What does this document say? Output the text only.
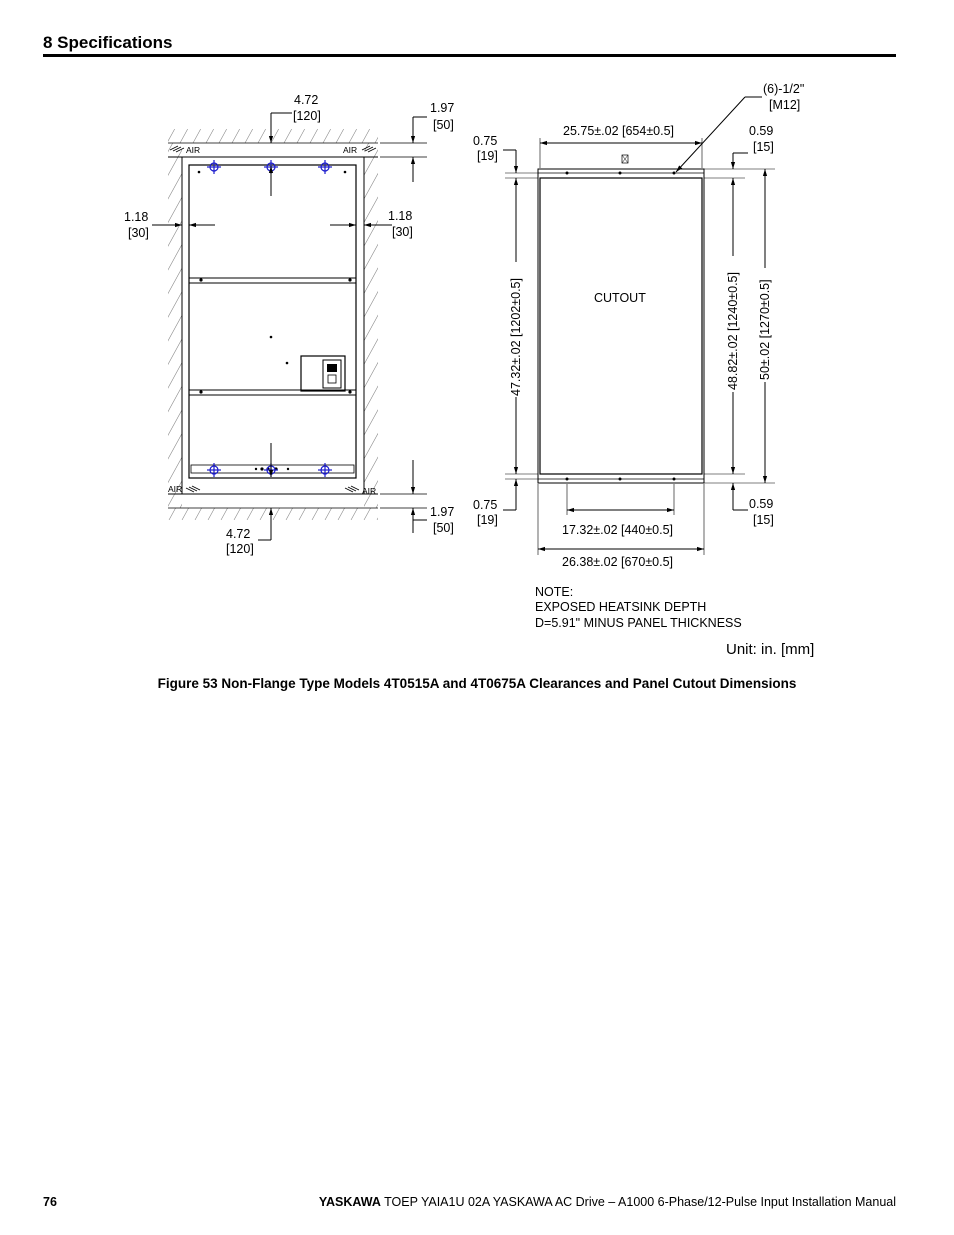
8 Specifications
AIR	AIR
AIR	AIR
4.72
[120]
1.97
[50]
1.18
[30]
1.18
[30]
1.97
[50]
4.72
[120]
CUTOUT
(6)-1/2"
[M12]
25.75±.02 [654±0.5]
0.75
[19]
0.59
[15]
47.32±.02 [1202±0.5]	48.82±.02 [1240±0.5] 50±.02 [1270±0.5]
0.75
[19]
0.59
[15]
17.32±.02 [440±0.5]
26.38±.02 [670±0.5]
NOTE:
EXPOSED HEATSINK DEPTH
D=5.91" MINUS PANEL THICKNESS
Unit: in. [mm]
Figure 53 Non-Flange Type Models 4T0515A and 4T0675A Clearances and Panel Cutout Dimensions
76	YASKAWA TOEP YAIA1U 02A YASKAWA AC Drive – A1000 6-Phase/12-Pulse Input Installation Manual
